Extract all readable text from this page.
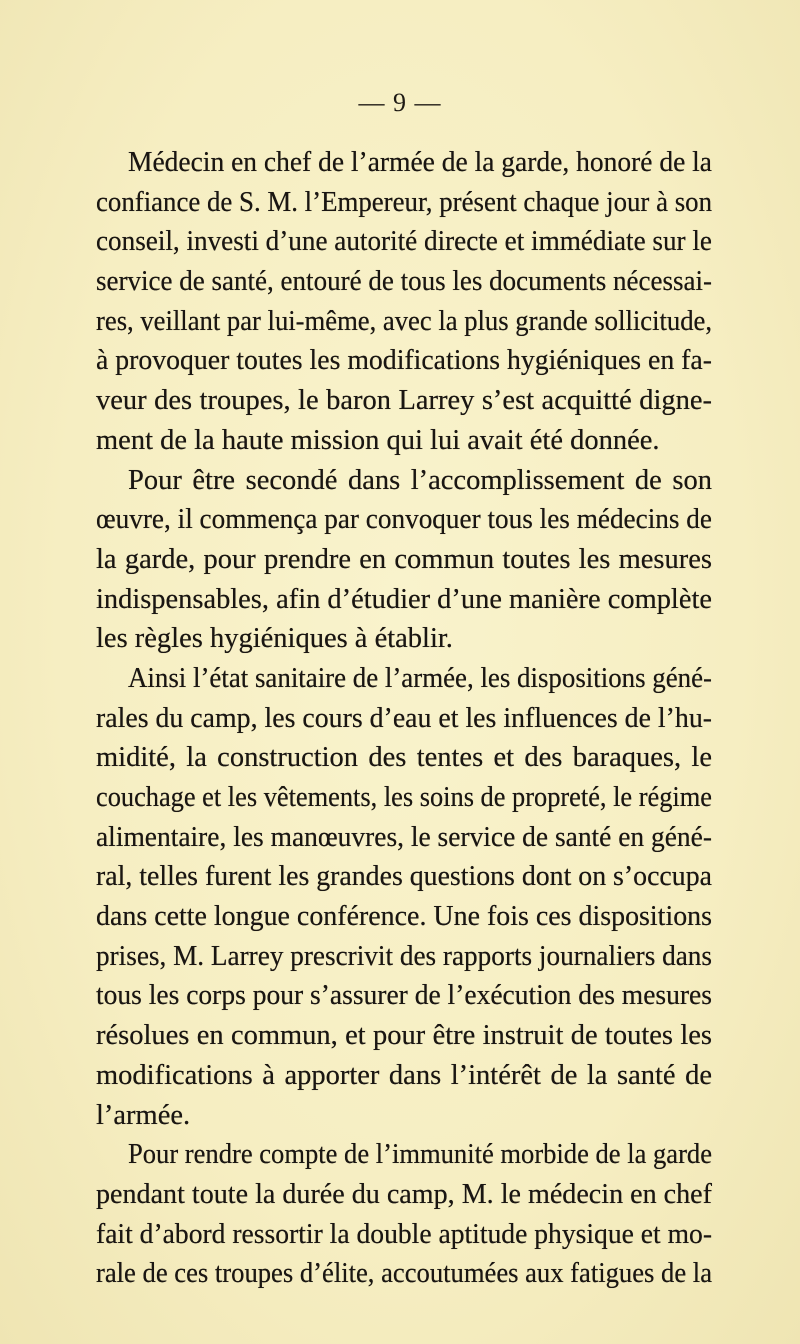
— 9 —
Médecin en chef de l’armée de la garde, honoré de la
confiance de S. M. l’Empereur, présent chaque jour à son
conseil, investi d’une autorité directe et immédiate sur le
service de santé, entouré de tous les documents nécessai-
res, veillant par lui-même, avec la plus grande sollicitude,
à provoquer toutes les modifications hygiéniques en fa-
veur des troupes, le baron Larrey s’est acquitté digne-
ment de la haute mission qui lui avait été donnée.
Pour être secondé dans l’accomplissement de son
œuvre, il commença par convoquer tous les médecins de
la garde, pour prendre en commun toutes les mesures
indispensables, afin d’étudier d’une manière complète
les règles hygiéniques à établir.
Ainsi l’état sanitaire de l’armée, les dispositions géné-
rales du camp, les cours d’eau et les influences de l’hu-
midité, la construction des tentes et des baraques, le
couchage et les vêtements, les soins de propreté, le régime
alimentaire, les manœuvres, le service de santé en géné-
ral, telles furent les grandes questions dont on s’occupa
dans cette longue conférence. Une fois ces dispositions
prises, M. Larrey prescrivit des rapports journaliers dans
tous les corps pour s’assurer de l’exécution des mesures
résolues en commun, et pour être instruit de toutes les
modifications à apporter dans l’intérêt de la santé de
l’armée.
Pour rendre compte de l’immunité morbide de la garde
pendant toute la durée du camp, M. le médecin en chef
fait d’abord ressortir la double aptitude physique et mo-
rale de ces troupes d’élite, accoutumées aux fatigues de la
